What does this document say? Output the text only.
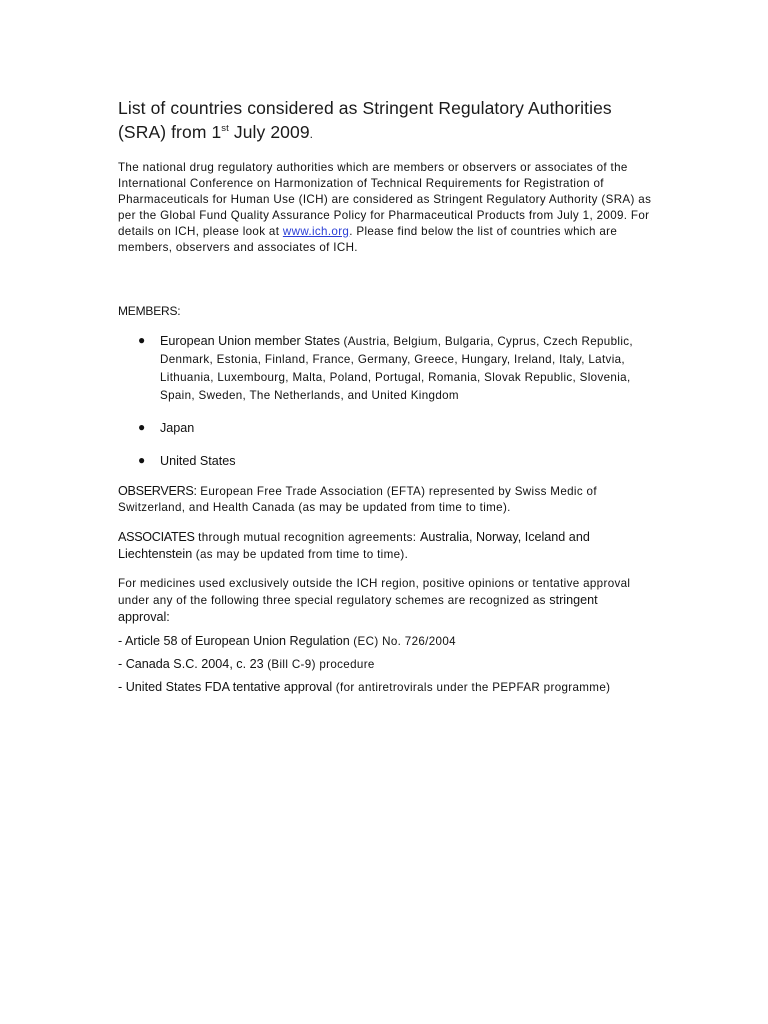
List of countries considered as Stringent Regulatory Authorities
(SRA) from 1st July 2009.

The national drug regulatory authorities which are members or observers or associates of the International Conference on Harmonization of Technical Requirements for Registration of Pharmaceuticals for Human Use (ICH) are considered as Stringent Regulatory Authority (SRA) as per the Global Fund Quality Assurance Policy for Pharmaceutical Products from July 1, 2009. For details on ICH, please look at www.ich.org. Please find below the list of countries which are members, observers and associates of ICH.

MEMBERS:

● European Union member States (Austria, Belgium, Bulgaria, Cyprus, Czech Republic, Denmark, Estonia, Finland, France, Germany, Greece, Hungary, Ireland, Italy, Latvia, Lithuania, Luxembourg, Malta, Poland, Portugal, Romania, Slovak Republic, Slovenia, Spain, Sweden, The Netherlands, and United Kingdom
● Japan
● United States

OBSERVERS: European Free Trade Association (EFTA) represented by Swiss Medic of Switzerland, and Health Canada (as may be updated from time to time).

ASSOCIATES through mutual recognition agreements: Australia, Norway, Iceland and Liechtenstein (as may be updated from time to time).

For medicines used exclusively outside the ICH region, positive opinions or tentative approval under any of the following three special regulatory schemes are recognized as stringent approval:

- Article 58 of European Union Regulation (EC) No. 726/2004

- Canada S.C. 2004, c. 23 (Bill C-9) procedure

- United States FDA tentative approval (for antiretrovirals under the PEPFAR programme)
